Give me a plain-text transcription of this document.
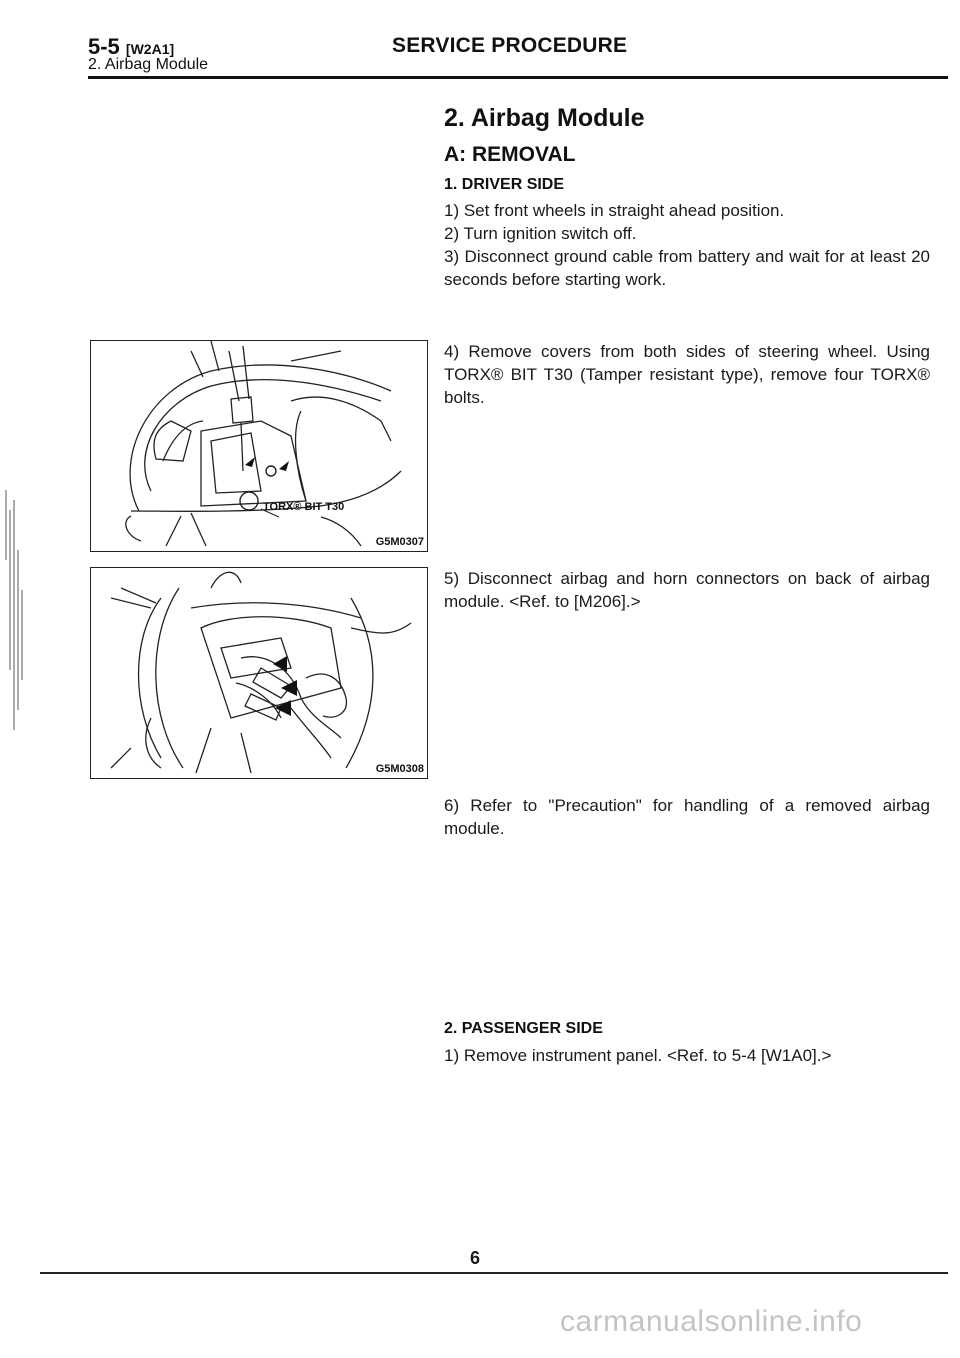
5-5 [W2A1]
2. Airbag Module
SERVICE PROCEDURE
2. Airbag Module
A: REMOVAL
1. DRIVER SIDE

1) Set front wheels in straight ahead position.

2) Turn ignition switch off.

3) Disconnect ground cable from battery and wait for at least 20 seconds before starting work.

4) Remove covers from both sides of steering wheel. Using TORX® BIT T30 (Tamper resistant type), remove four TORX® bolts.

5) Disconnect airbag and horn connectors on back of airbag module. <Ref. to [M206].>

6) Refer to "Precaution" for handling of a removed airbag module.

2. PASSENGER SIDE

1) Remove instrument panel. <Ref. to 5-4 [W1A0].>

TORX® BIT T30
G5M0307
G5M0308
6
carmanualsonline.info
